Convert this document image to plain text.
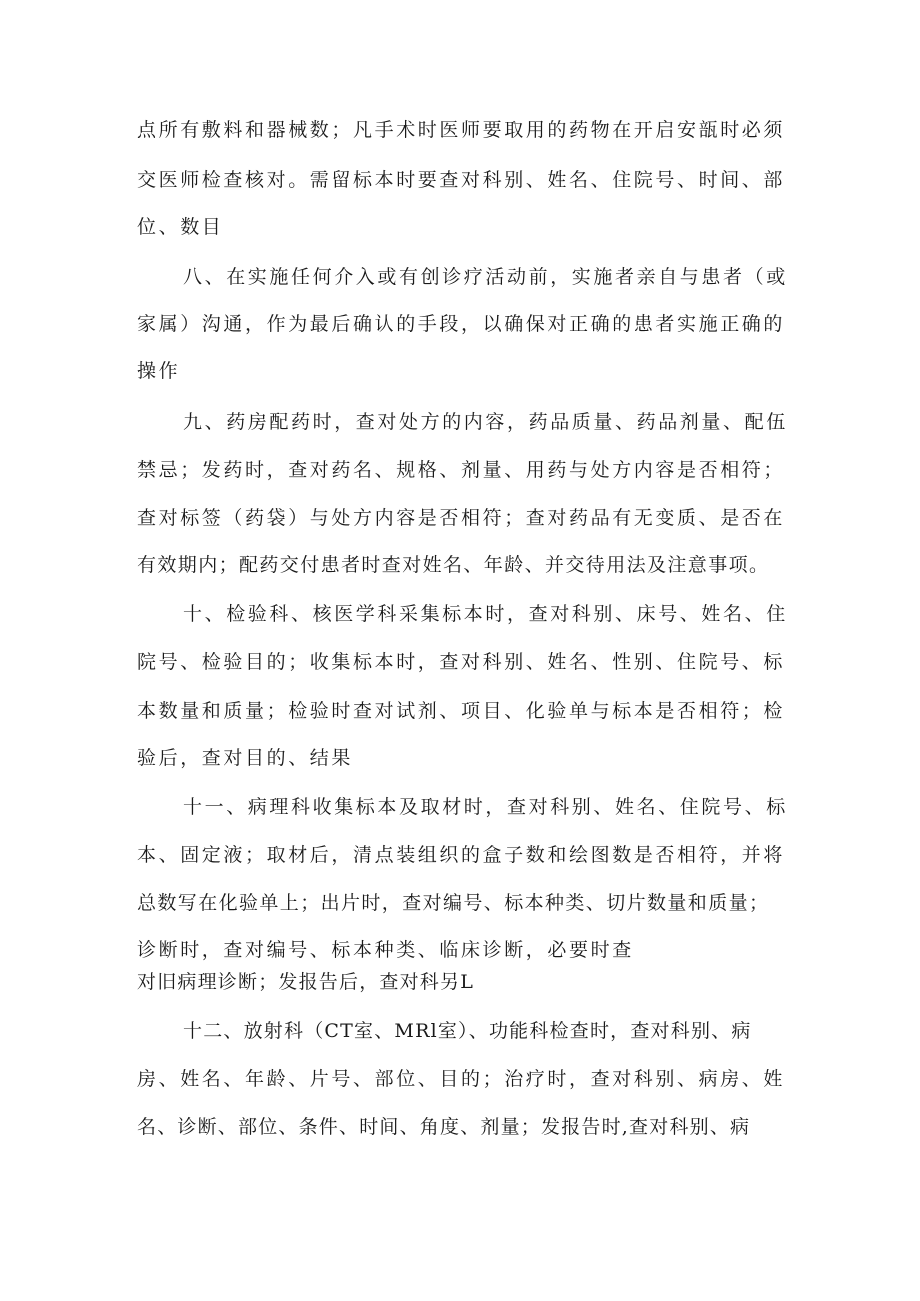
点所有敷料和器械数；凡手术时医师要取用的药物在开启安瓿时必须
交医师检查核对。需留标本时要查对科别、姓名、住院号、时间、部
位、数目
八、在实施任何介入或有创诊疗活动前，实施者亲自与患者（或
家属）沟通，作为最后确认的手段，以确保对正确的患者实施正确的
操作
九、药房配药时，查对处方的内容，药品质量、药品剂量、配伍
禁忌；发药时，查对药名、规格、剂量、用药与处方内容是否相符；
查对标签（药袋）与处方内容是否相符；查对药品有无变质、是否在
有效期内；配药交付患者时查对姓名、年龄、并交待用法及注意事项。
十、检验科、核医学科采集标本时，查对科别、床号、姓名、住
院号、检验目的；收集标本时，查对科别、姓名、性别、住院号、标
本数量和质量；检验时查对试剂、项目、化验单与标本是否相符；检
验后，查对目的、结果
十一、病理科收集标本及取材时，查对科别、姓名、住院号、标
本、固定液；取材后，清点装组织的盒子数和绘图数是否相符，并将
总数写在化验单上；出片时，查对编号、标本种类、切片数量和质量；
诊断时，查对编号、标本种类、临床诊断，必要时查
对旧病理诊断；发报告后，查对科另L
十二、放射科（CT室、MRl室）、功能科检查时，查对科别、病
房、姓名、年龄、片号、部位、目的；治疗时，查对科别、病房、姓
名、诊断、部位、条件、时间、角度、剂量；发报告时,查对科别、病
